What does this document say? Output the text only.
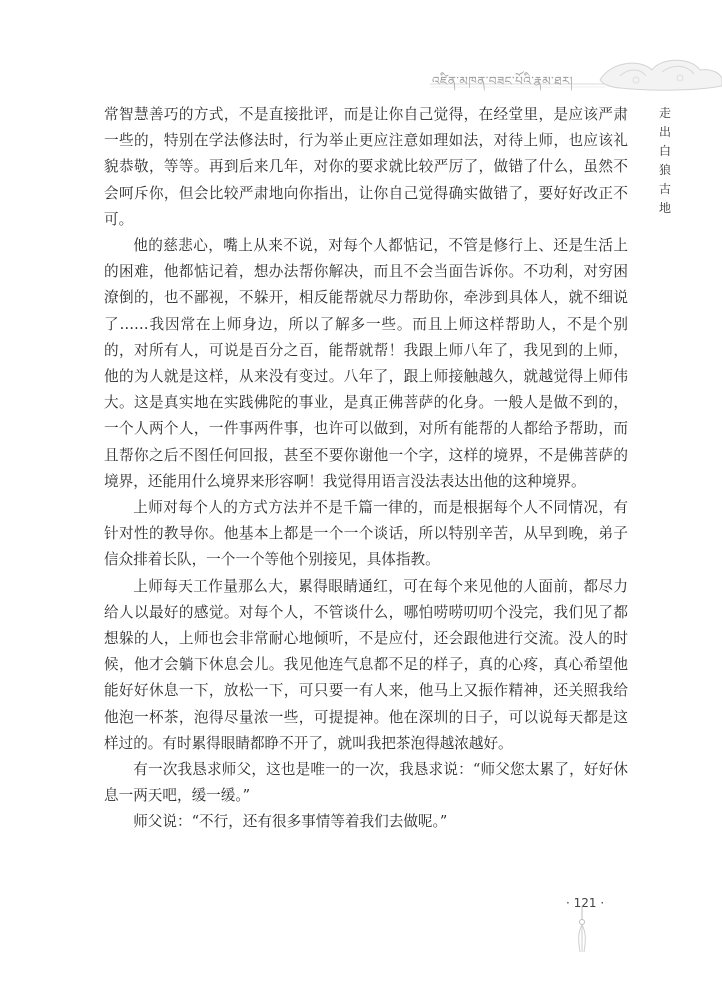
འཛིན་མཁན་བཟང་པོའི་རྣམ་ཐར།
走出白狼古地

常智慧善巧的方式，不是直接批评，而是让你自己觉得，在经堂里，是应该严肃一些的，特别在学法修法时，行为举止更应注意如理如法，对待上师，也应该礼貌恭敬，等等。再到后来几年，对你的要求就比较严厉了，做错了什么，虽然不会呵斥你，但会比较严肃地向你指出，让你自己觉得确实做错了，要好好改正不可。

他的慈悲心，嘴上从来不说，对每个人都惦记，不管是修行上、还是生活上的困难，他都惦记着，想办法帮你解决，而且不会当面告诉你。不功利，对穷困潦倒的，也不鄙视，不躲开，相反能帮就尽力帮助你，牵涉到具体人，就不细说了……我因常在上师身边，所以了解多一些。而且上师这样帮助人，不是个别的，对所有人，可说是百分之百，能帮就帮！我跟上师八年了，我见到的上师，他的为人就是这样，从来没有变过。八年了，跟上师接触越久，就越觉得上师伟大。这是真实地在实践佛陀的事业，是真正佛菩萨的化身。一般人是做不到的，一个人两个人，一件事两件事，也许可以做到，对所有能帮的人都给予帮助，而且帮你之后不图任何回报，甚至不要你谢他一个字，这样的境界，不是佛菩萨的境界，还能用什么境界来形容啊！我觉得用语言没法表达出他的这种境界。

上师对每个人的方式方法并不是千篇一律的，而是根据每个人不同情况，有针对性的教导你。他基本上都是一个一个谈话，所以特别辛苦，从早到晚，弟子信众排着长队，一个一个等他个别接见，具体指教。

上师每天工作量那么大，累得眼睛通红，可在每个来见他的人面前，都尽力给人以最好的感觉。对每个人，不管谈什么，哪怕唠唠叨叨个没完，我们见了都想躲的人，上师也会非常耐心地倾听，不是应付，还会跟他进行交流。没人的时候，他才会躺下休息会儿。我见他连气息都不足的样子，真的心疼，真心希望他能好好休息一下，放松一下，可只要一有人来，他马上又振作精神，还关照我给他泡一杯茶，泡得尽量浓一些，可提提神。他在深圳的日子，可以说每天都是这样过的。有时累得眼睛都睁不开了，就叫我把茶泡得越浓越好。

有一次我恳求师父，这也是唯一的一次，我恳求说：“师父您太累了，好好休息一两天吧，缓一缓。”

师父说：“不行，还有很多事情等着我们去做呢。”

· 121 ·
